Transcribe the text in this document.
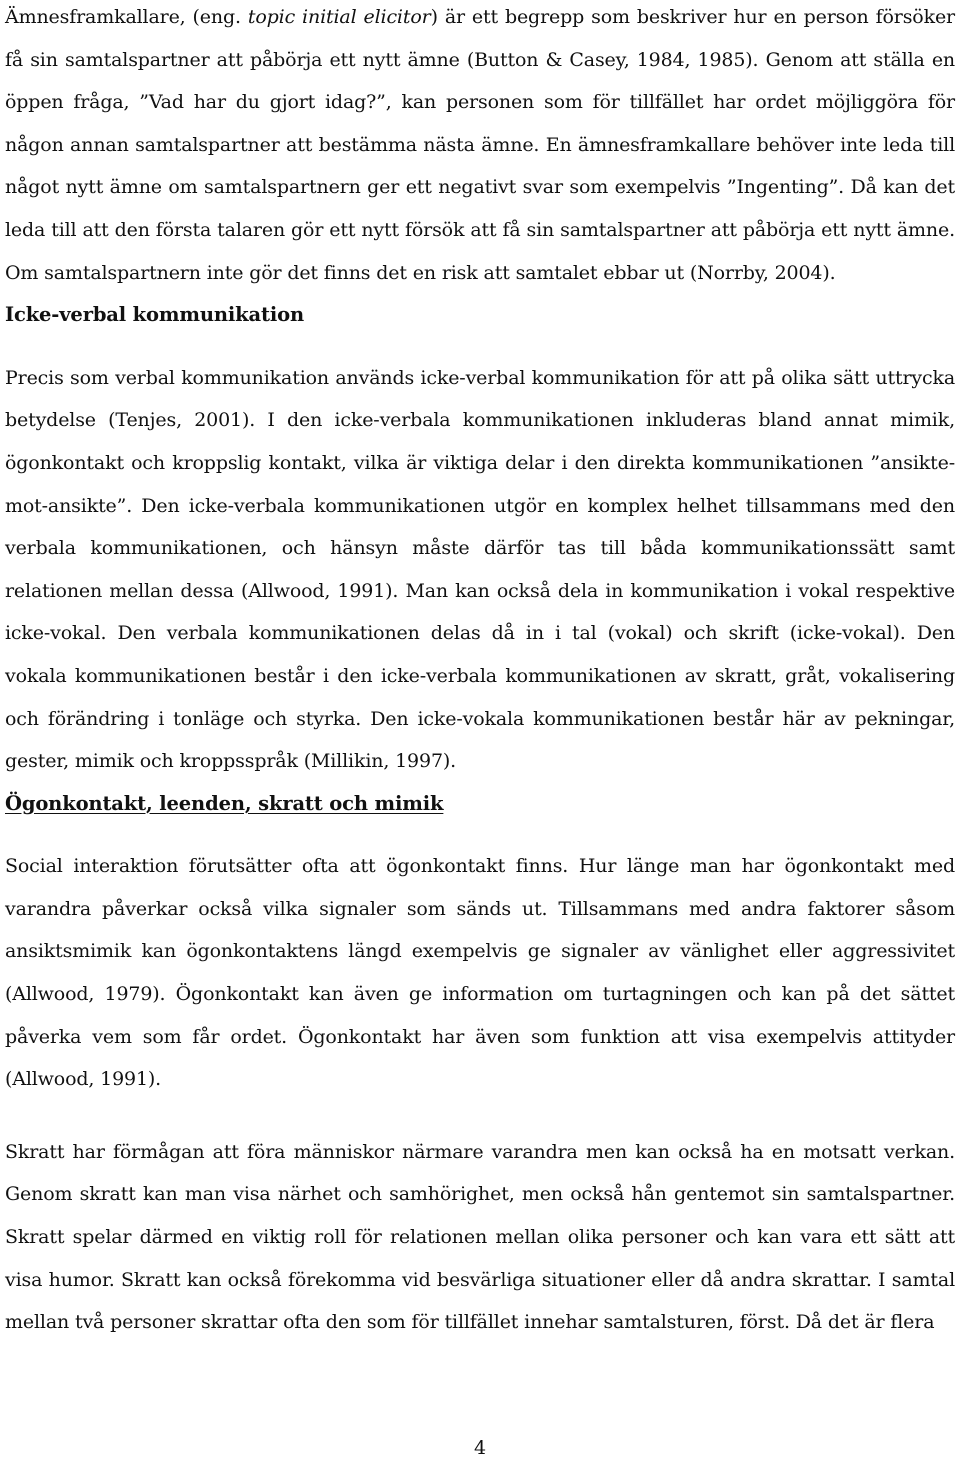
Ämnesframkallare, (eng. topic initial elicitor) är ett begrepp som beskriver hur en person försöker få sin samtalspartner att påbörja ett nytt ämne (Button & Casey, 1984, 1985). Genom att ställa en öppen fråga, ”Vad har du gjort idag?”, kan personen som för tillfället har ordet möjliggöra för någon annan samtalspartner att bestämma nästa ämne. En ämnesframkallare behöver inte leda till något nytt ämne om samtalspartnern ger ett negativt svar som exempelvis ”Ingenting”. Då kan det leda till att den första talaren gör ett nytt försök att få sin samtalspartner att påbörja ett nytt ämne. Om samtalspartnern inte gör det finns det en risk att samtalet ebbar ut (Norrby, 2004).

Icke-verbal kommunikation

Precis som verbal kommunikation används icke-verbal kommunikation för att på olika sätt uttrycka betydelse (Tenjes, 2001). I den icke-verbala kommunikationen inkluderas bland annat mimik, ögonkontakt och kroppslig kontakt, vilka är viktiga delar i den direkta kommunikationen ”ansikte-mot-ansikte”. Den icke-verbala kommunikationen utgör en komplex helhet tillsammans med den verbala kommunikationen, och hänsyn måste därför tas till båda kommunikationssätt samt relationen mellan dessa (Allwood, 1991). Man kan också dela in kommunikation i vokal respektive icke-vokal. Den verbala kommunikationen delas då in i tal (vokal) och skrift (icke-vokal). Den vokala kommunikationen består i den icke-verbala kommunikationen av skratt, gråt, vokalisering och förändring i tonläge och styrka. Den icke-vokala kommunikationen består här av pekningar, gester, mimik och kroppsspråk (Millikin, 1997).

Ögonkontakt, leenden, skratt och mimik

Social interaktion förutsätter ofta att ögonkontakt finns. Hur länge man har ögonkontakt med varandra påverkar också vilka signaler som sänds ut. Tillsammans med andra faktorer såsom ansiktsmimik kan ögonkontaktens längd exempelvis ge signaler av vänlighet eller aggressivitet (Allwood, 1979). Ögonkontakt kan även ge information om turtagningen och kan på det sättet påverka vem som får ordet. Ögonkontakt har även som funktion att visa exempelvis attityder (Allwood, 1991).

Skratt har förmågan att föra människor närmare varandra men kan också ha en motsatt verkan. Genom skratt kan man visa närhet och samhörighet, men också hån gentemot sin samtalspartner. Skratt spelar därmed en viktig roll för relationen mellan olika personer och kan vara ett sätt att visa humor. Skratt kan också förekomma vid besvärliga situationer eller då andra skrattar. I samtal mellan två personer skrattar ofta den som för tillfället innehar samtalsturen, först. Då det är flera

4
